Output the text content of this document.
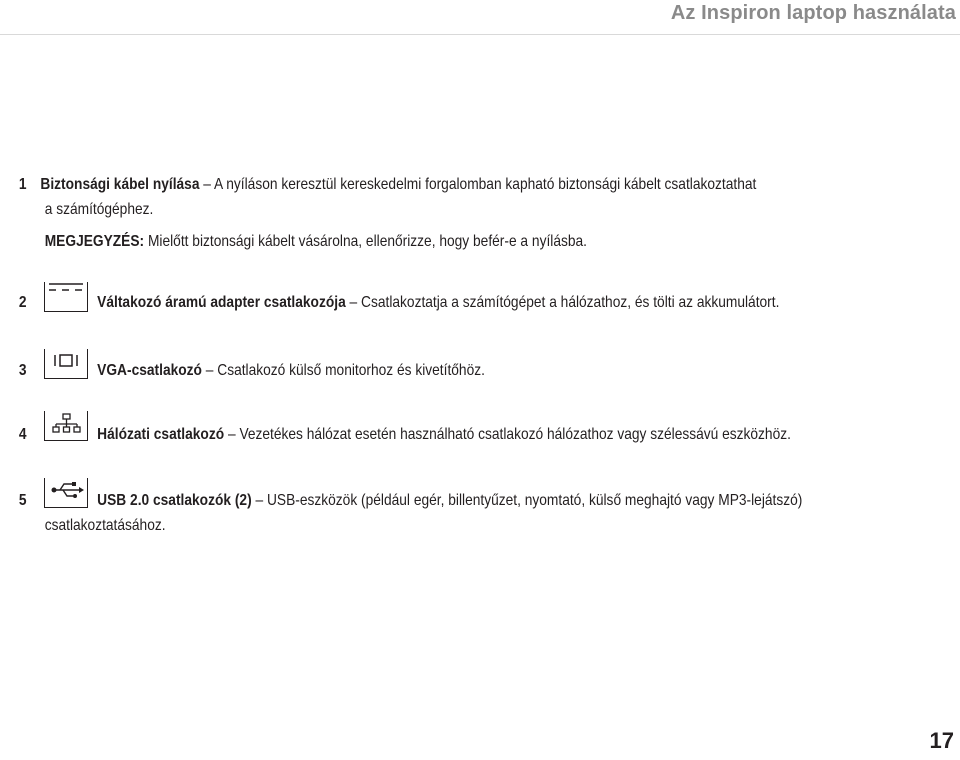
Az Inspiron laptop használata
1 Biztonsági kábel nyílása – A nyíláson keresztül kereskedelmi forgalomban kapható biztonsági kábelt csatlakoztathat
a számítógéphez.
MEGJEGYZÉS: Mielőtt biztonsági kábelt vásárolna, ellenőrizze, hogy befér-e a nyílásba.
2	Váltakozó áramú adapter csatlakozója – Csatlakoztatja a számítógépet a hálózathoz, és tölti az akkumulátort.
3	VGA-csatlakozó – Csatlakozó külső monitorhoz és kivetítőhöz.
4	Hálózati csatlakozó – Vezetékes hálózat esetén használható csatlakozó hálózathoz vagy szélessávú eszközhöz.
5	USB 2.0 csatlakozók (2) – USB-eszközök (például egér, billentyűzet, nyomtató, külső meghajtó vagy MP3-lejátszó)
csatlakoztatásához.
17
